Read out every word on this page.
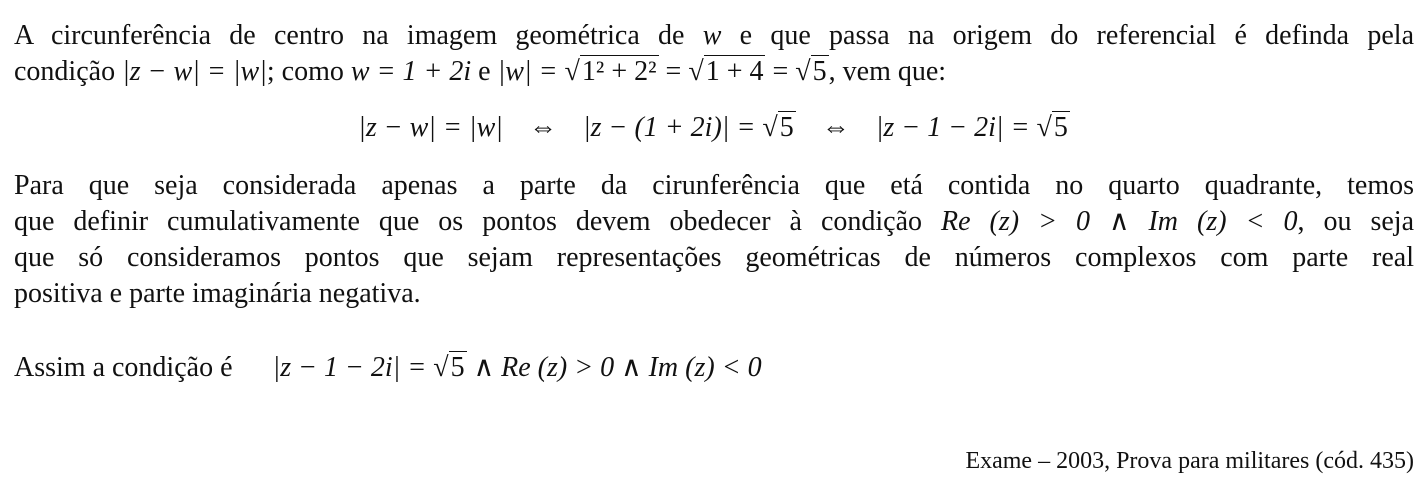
A circunferência de centro na imagem geométrica de w e que passa na origem do referencial é definda pela

condição |z − w| = |w|; como w = 1 + 2i e |w| = √1² + 2² = √1 + 4 = √5, vem que:

|z − w| = |w| ⇔ |z − (1 + 2i)| = √5 ⇔ |z − 1 − 2i| = √5

Para que seja considerada apenas a parte da cirunferência que etá contida no quarto quadrante, temos

que definir cumulativamente que os pontos devem obedecer à condição Re (z) > 0 ∧ Im (z) < 0, ou seja

que só consideramos pontos que sejam representações geométricas de números complexos com parte real

positiva e parte imaginária negativa.

Assim a condição é |z − 1 − 2i| = √5 ∧ Re (z) > 0 ∧ Im (z) < 0

Exame – 2003, Prova para militares (cód. 435)
